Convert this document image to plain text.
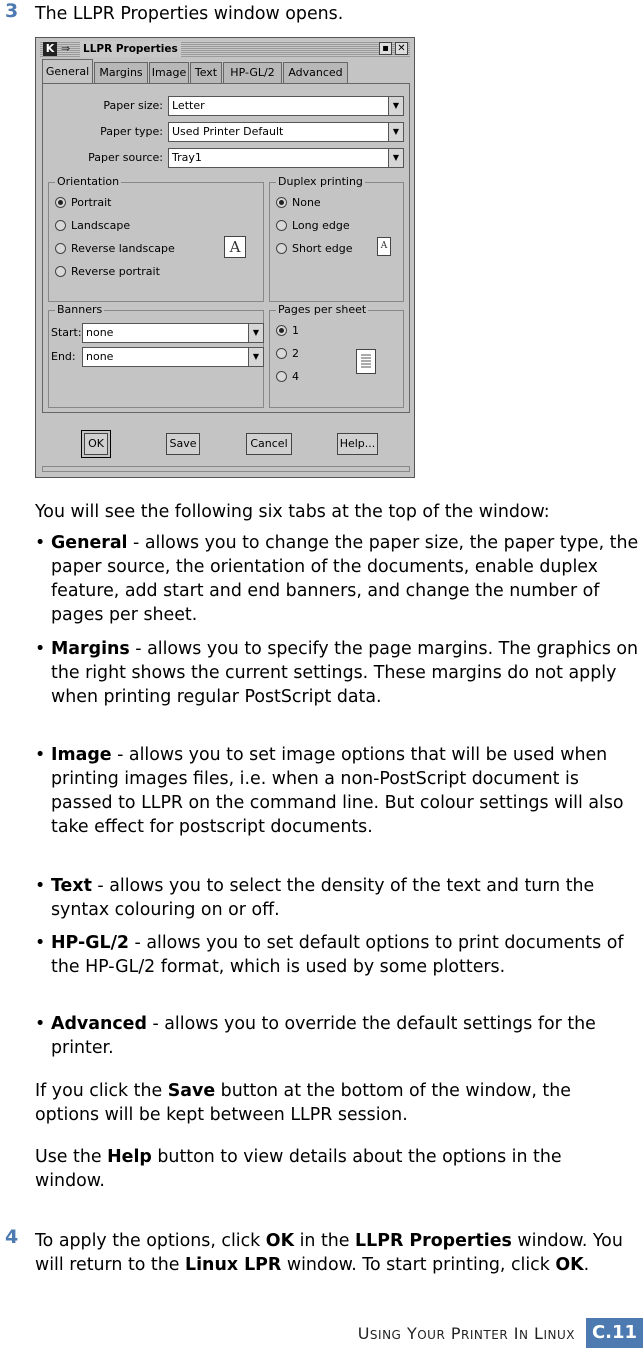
3 The LLPR Properties window opens.
K ⇒ LLPR Properties	▪ ✕
General Margins Image Text	HP-GL/2	Advanced
Paper size: Letter	▼
Paper type: Used Printer Default	▼
Paper source: Tray1	▼
Orientation
Portrait
Landscape
Reverse landscape
Reverse portrait
A
Duplex printing
None
Long edge
Short edge	A
Banners
Start: none	▼
End: none	▼
Pages per sheet
1
2
4
OK	Save	Cancel	Help...
You will see the following six tabs at the top of the window:
• General - allows you to change the paper size, the paper type, the paper source, the orientation of the documents, enable duplex feature, add start and end banners, and change the number of pages per sheet.
• Margins - allows you to specify the page margins. The graphics on the right shows the current settings. These margins do not apply when printing regular PostScript data.
• Image - allows you to set image options that will be used when printing images files, i.e. when a non-PostScript document is passed to LLPR on the command line. But colour settings will also take effect for postscript documents.
• Text - allows you to select the density of the text and turn the syntax colouring on or off.
• HP-GL/2 - allows you to set default options to print documents of the HP-GL/2 format, which is used by some plotters.
• Advanced - allows you to override the default settings for the printer.
If you click the Save button at the bottom of the window, the options will be kept between LLPR session.
Use the Help button to view details about the options in the window.
4 To apply the options, click OK in the LLPR Properties window. You will return to the Linux LPR window. To start printing, click OK.
USING YOUR PRINTER IN LINUX C.11
